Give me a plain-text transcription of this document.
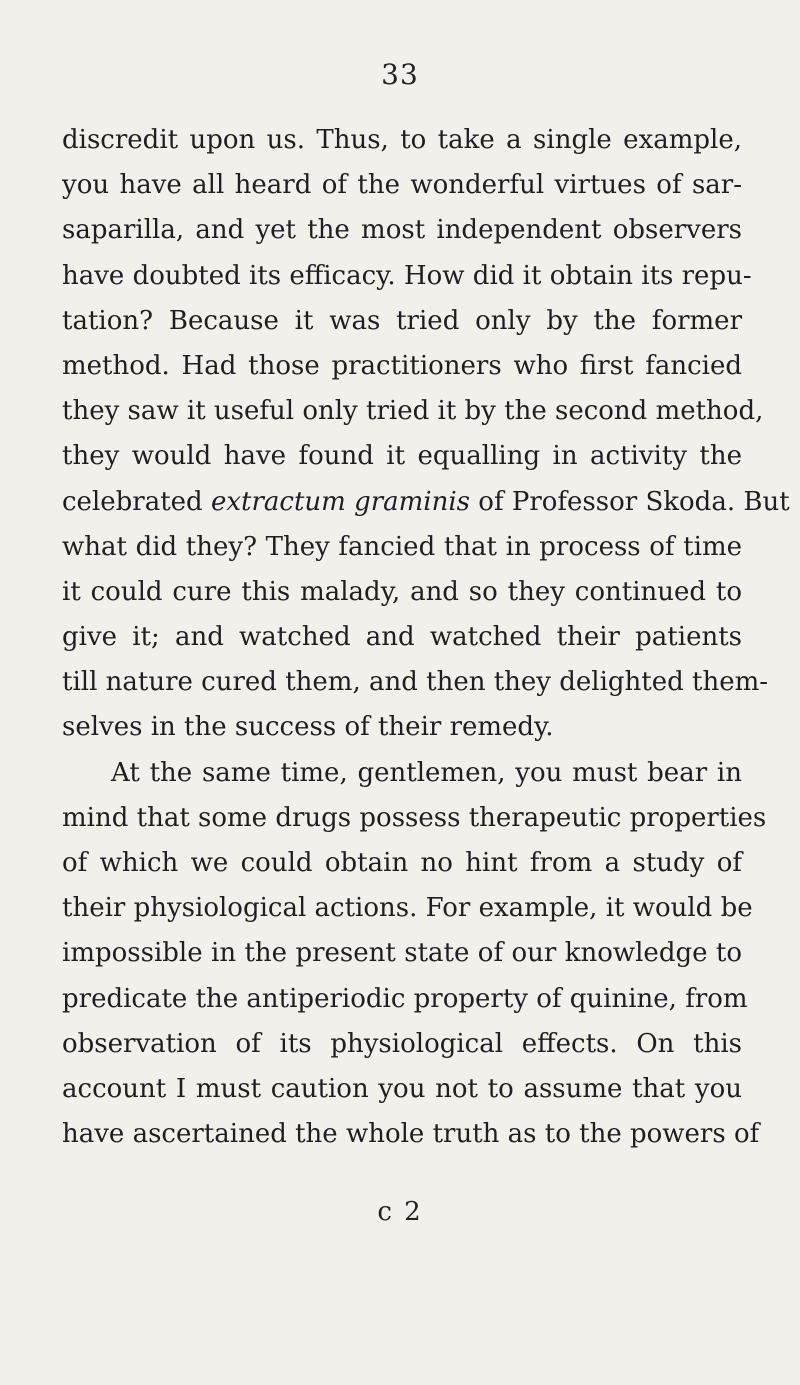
33
discredit upon us. Thus, to take a single example,
you have all heard of the wonderful virtues of sar-
saparilla, and yet the most independent observers
have doubted its efficacy. How did it obtain its repu-
tation? Because it was tried only by the former
method. Had those practitioners who first fancied
they saw it useful only tried it by the second method,
they would have found it equalling in activity the
celebrated extractum graminis of Professor Skoda. But
what did they? They fancied that in process of time
it could cure this malady, and so they continued to
give it; and watched and watched their patients
till nature cured them, and then they delighted them-
selves in the success of their remedy.
At the same time, gentlemen, you must bear in
mind that some drugs possess therapeutic properties
of which we could obtain no hint from a study of
their physiological actions. For example, it would be
impossible in the present state of our knowledge to
predicate the antiperiodic property of quinine, from
observation of its physiological effects. On this
account I must caution you not to assume that you
have ascertained the whole truth as to the powers of
c 2
